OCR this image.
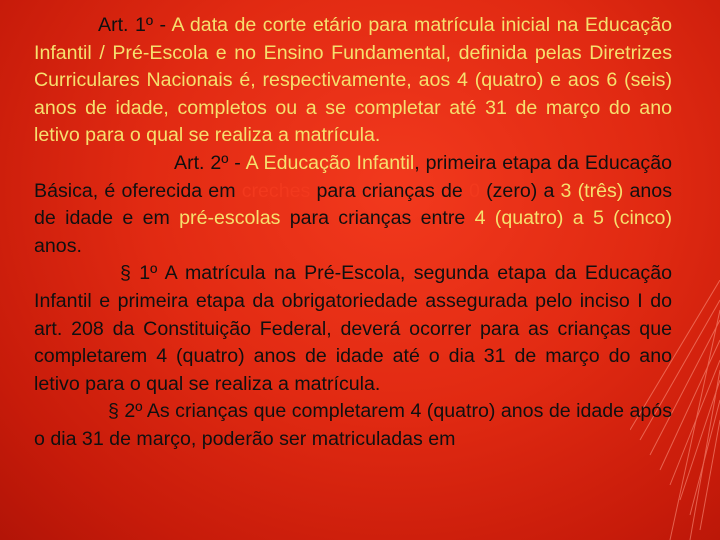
Art. 1º - A data de corte etário para matrícula inicial na Educação Infantil / Pré-Escola e no Ensino Fundamental, definida pelas Diretrizes Curriculares Nacionais é, respectivamente, aos 4 (quatro) e aos 6 (seis) anos de idade, completos ou a se completar até 31 de março do ano letivo para o qual se realiza a matrícula.

Art. 2º - A Educação Infantil, primeira etapa da Educação Básica, é oferecida em creches para crianças de 0 (zero) a 3 (três) anos de idade e em pré-escolas para crianças entre 4 (quatro) a 5 (cinco) anos.

§ 1º A matrícula na Pré-Escola, segunda etapa da Educação Infantil e primeira etapa da obrigatoriedade assegurada pelo inciso I do art. 208 da Constituição Federal, deverá ocorrer para as crianças que completarem 4 (quatro) anos de idade até o dia 31 de março do ano letivo para o qual se realiza a matrícula.

§ 2º As crianças que completarem 4 (quatro) anos de idade após o dia 31 de março, poderão ser matriculadas em
